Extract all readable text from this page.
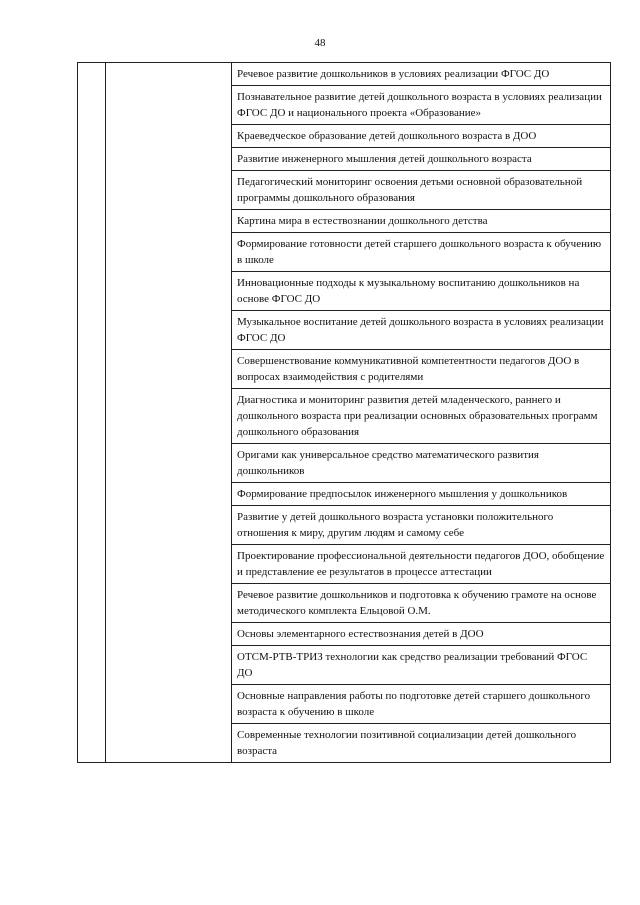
48
		Речевое развитие дошкольников в условиях реализации ФГОС ДО
Познавательное развитие детей дошкольного возраста в условиях реализации ФГОС ДО и национального проекта «Образование»
Краеведческое образование детей дошкольного возраста в ДОО
Развитие инженерного мышления детей дошкольного возраста
Педагогический мониторинг освоения детьми основной образовательной программы дошкольного образования
Картина мира в естествознании дошкольного детства
Формирование готовности детей старшего дошкольного возраста к обучению в школе
Инновационные подходы к музыкальному воспитанию дошкольников на основе ФГОС ДО
Музыкальное воспитание детей дошкольного возраста в условиях реализации ФГОС ДО
Совершенствование коммуникативной компетентности педагогов ДОО в вопросах взаимодействия с родителями
Диагностика и мониторинг развития детей младенческого, раннего и дошкольного возраста при реализации основных образовательных программ дошкольного образования
Оригами как универсальное средство математического развития дошкольников
Формирование предпосылок инженерного мышления у дошкольников
Развитие у детей дошкольного возраста установки положительного отношения к миру, другим людям и самому себе
Проектирование профессиональной деятельности педагогов ДОО, обобщение и представление ее результатов в процессе аттестации
Речевое развитие дошкольников и подготовка к обучению грамоте на основе методического комплекта Ельцовой О.М.
Основы элементарного естествознания детей в ДОО
ОТСМ-РТВ-ТРИЗ технологии как средство реализации требований ФГОС ДО
Основные направления работы по подготовке детей старшего дошкольного возраста к обучению в школе
Современные технологии позитивной социализации детей дошкольного возраста
